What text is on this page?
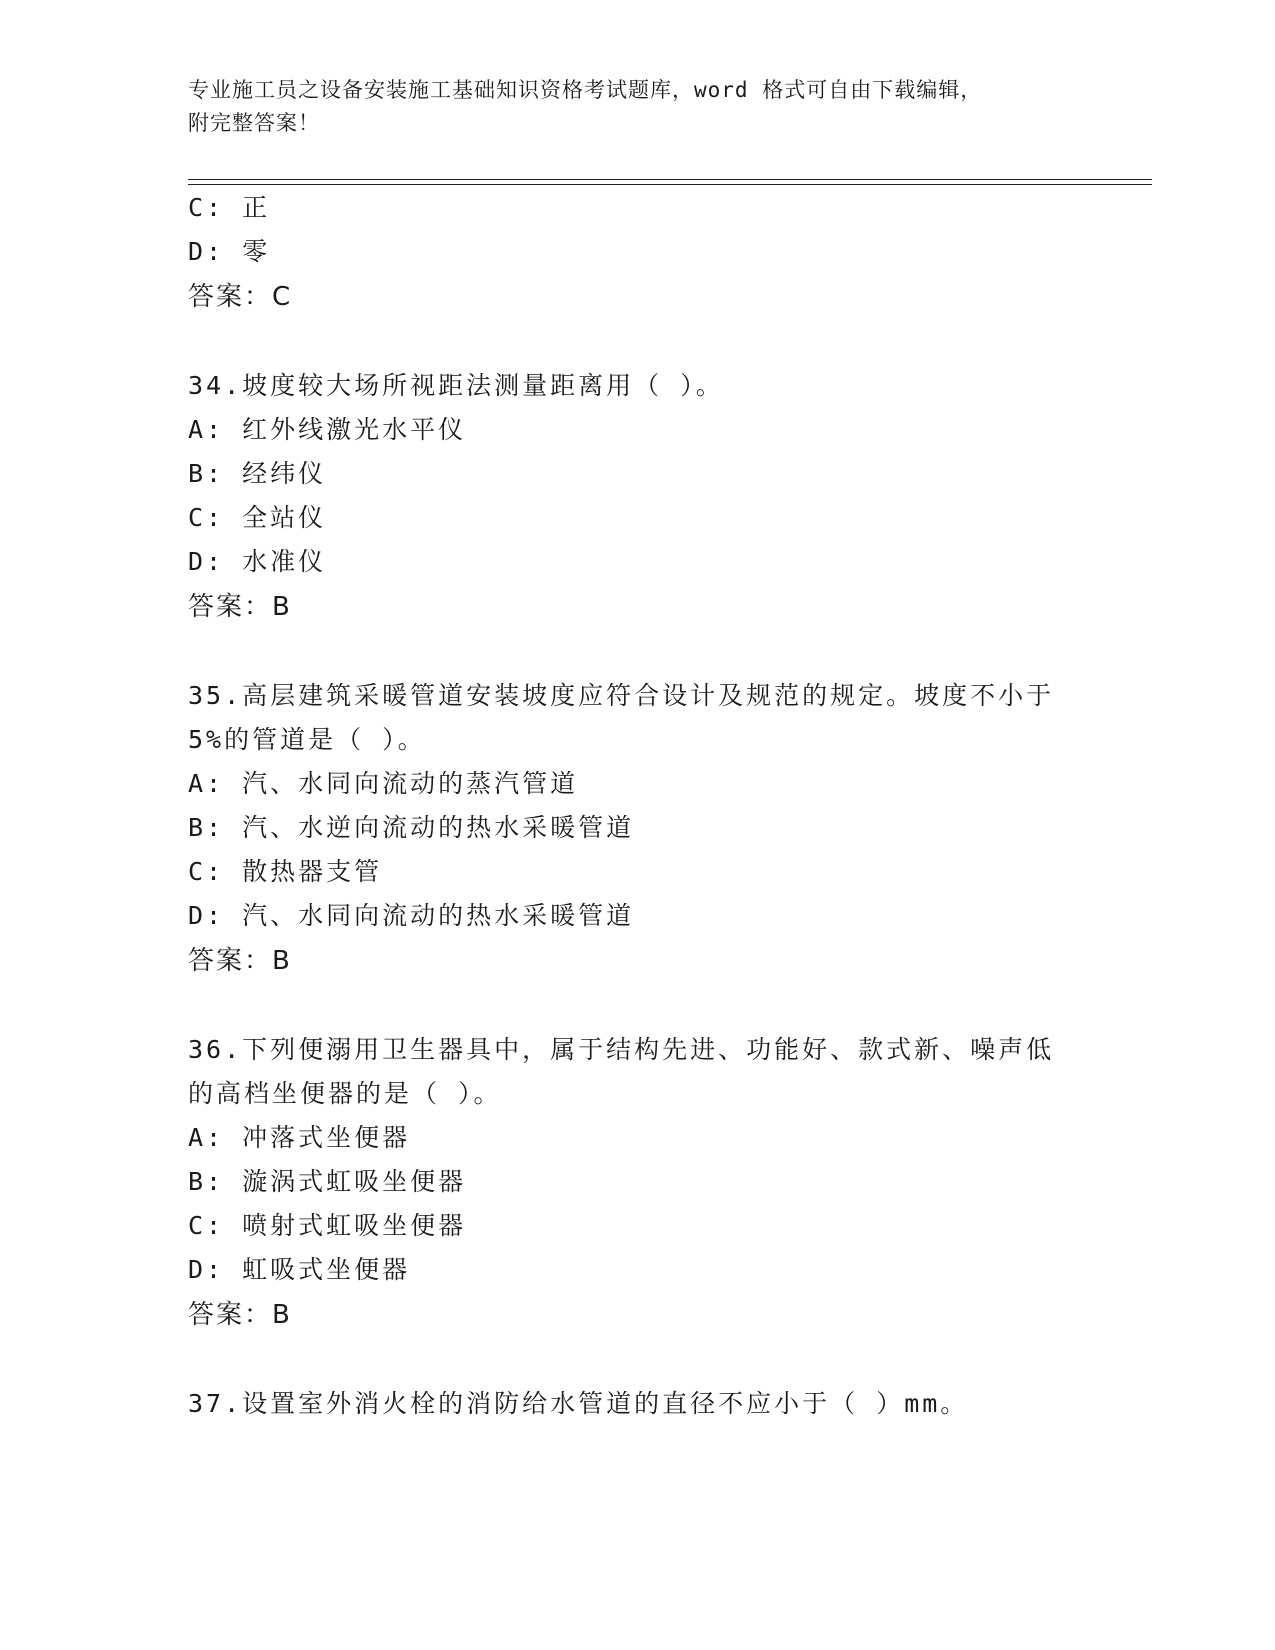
专业施工员之设备安装施工基础知识资格考试题库，word 格式可自由下载编辑，
附完整答案！
C: 正
D: 零
答案：C
34.坡度较大场所视距法测量距离用（ ）。
A: 红外线激光水平仪
B: 经纬仪
C: 全站仪
D: 水准仪
答案：B
35.高层建筑采暖管道安装坡度应符合设计及规范的规定。坡度不小于
5%的管道是（ ）。
A: 汽、水同向流动的蒸汽管道
B: 汽、水逆向流动的热水采暖管道
C: 散热器支管
D: 汽、水同向流动的热水采暖管道
答案：B
36.下列便溺用卫生器具中，属于结构先进、功能好、款式新、噪声低
的高档坐便器的是（ ）。
A: 冲落式坐便器
B: 漩涡式虹吸坐便器
C: 喷射式虹吸坐便器
D: 虹吸式坐便器
答案：B
37.设置室外消火栓的消防给水管道的直径不应小于（ ）mm。
